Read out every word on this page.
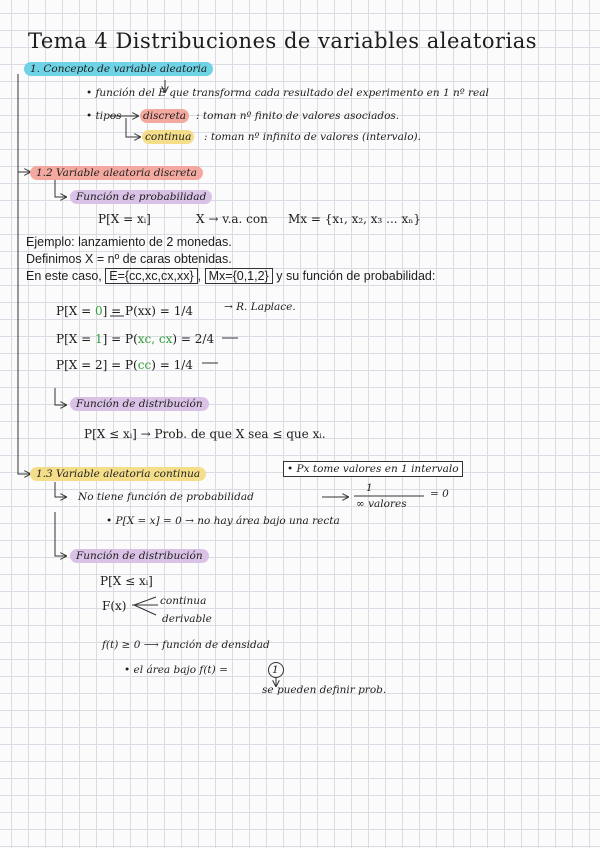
Tema 4 Distribuciones de variables aleatorias
1. Concepto de variable aleatoria
• función del E que transforma cada resultado del experimento en 1 nº real
• tipos discreta : toman nº finito de valores asociados.
continua : toman nº infinito de valores (intervalo).
1.2 Variable aleatoria discreta
Función de probabilidad
P[X = xᵢ]	X → v.a. con Mx = {x₁, x₂, x₃ ... xₙ}
Ejemplo: lanzamiento de 2 monedas.
Definimos X = nº de caras obtenidas.
En este caso, E={cc,xc,cx,xx} , Mx={0,1,2} y su función de probabilidad:
P[X = 0] = P(xx) = 1/4	→ R. Laplace.
P[X = 1] = P(xc, cx) = 2/4
P[X = 2] = P(cc) = 1/4
Función de distribución
P[X ≤ xᵢ] → Prob. de que X sea ≤ que xᵢ.
1.3 Variable aleatoria continua	• Px tome valores en 1 intervalo
No tiene función de probabilidad
1
∞ valores
= 0
• P[X = x] = 0 → no hay área bajo una recta
Función de distribución
P[X ≤ xᵢ]
F(x)	continua
derivable
f(t) ≥ 0 ⟶ función de densidad
• el área bajo f(t) =	1
se pueden definir prob.
